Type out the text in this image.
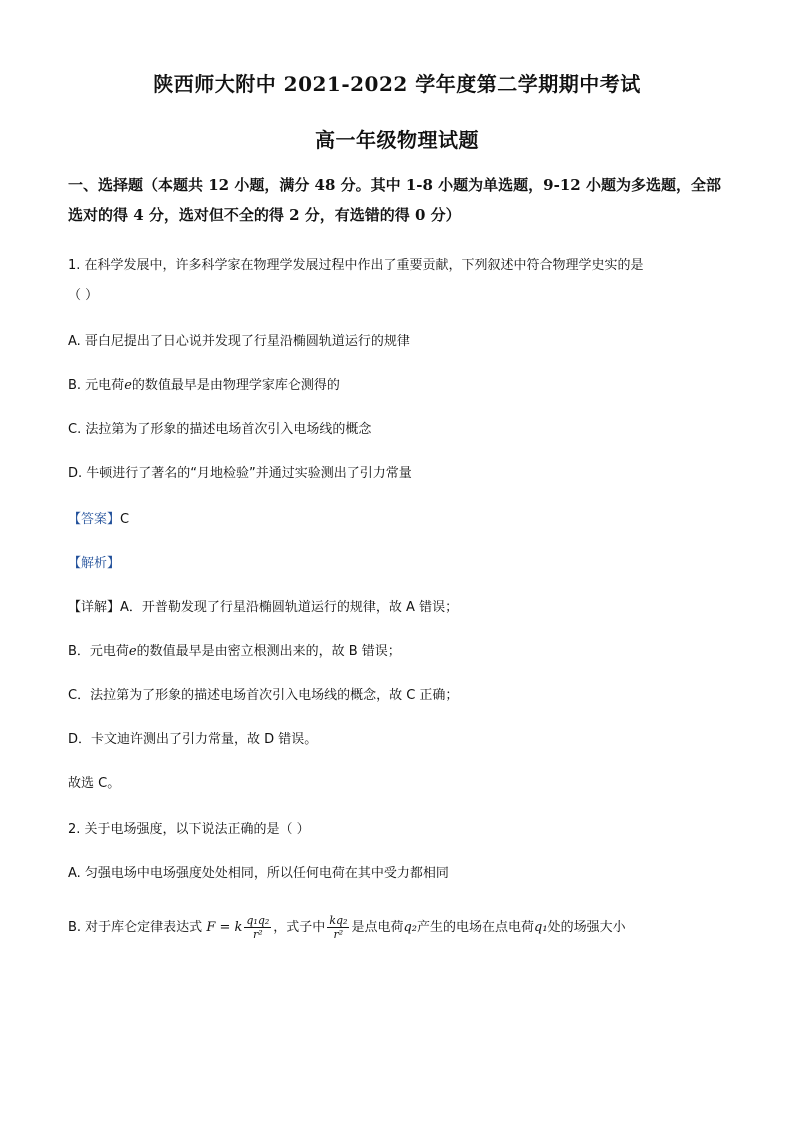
陕西师大附中 2021-2022 学年度第二学期期中考试
高一年级物理试题
一、选择题（本题共 12 小题，满分 48 分。其中 1-8 小题为单选题，9-12 小题为多选题，全部选对的得 4 分，选对但不全的得 2 分，有选错的得 0 分）
1. 在科学发展中，许多科学家在物理学发展过程中作出了重要贡献，下列叙述中符合物理学史实的是
（ ）
A. 哥白尼提出了日心说并发现了行星沿椭圆轨道运行的规律
B. 元电荷e的数值最早是由物理学家库仑测得的
C. 法拉第为了形象的描述电场首次引入电场线的概念
D. 牛顿进行了著名的“月地检验”并通过实验测出了引力常量
【答案】C
【解析】
【详解】A．开普勒发现了行星沿椭圆轨道运行的规律，故 A 错误；
B．元电荷e的数值最早是由密立根测出来的，故 B 错误；
C．法拉第为了形象的描述电场首次引入电场线的概念，故 C 正确；
D．卡文迪许测出了引力常量，故 D 错误。
故选 C。
2. 关于电场强度，以下说法正确的是（ ）
A. 匀强电场中电场强度处处相同，所以任何电荷在其中受力都相同
B. 对于库仑定律表达式 F = k $\frac{\text{q₁q₂}}{\text{r²}}$ ，式子中 $\frac{\text{kq₂}}{\text{r²}}$ 是点电荷q₂产生的电场在点电荷q₁处的场强大小
